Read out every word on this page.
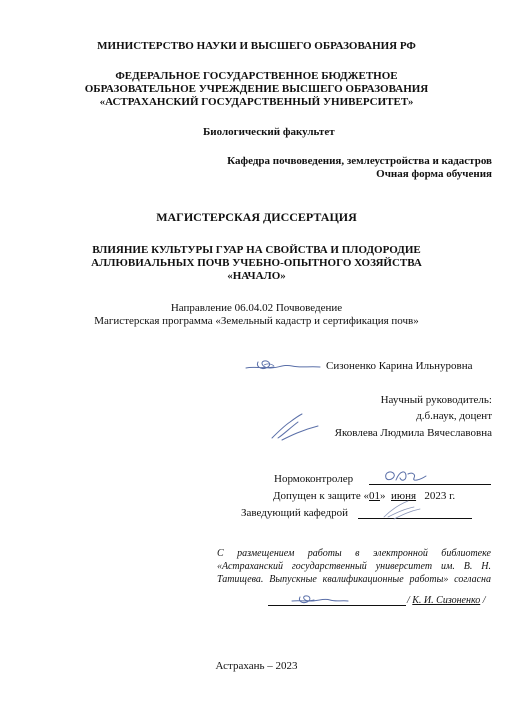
МИНИСТЕРСТВО НАУКИ И ВЫСШЕГО ОБРАЗОВАНИЯ РФ
ФЕДЕРАЛЬНОЕ ГОСУДАРСТВЕННОЕ БЮДЖЕТНОЕ
ОБРАЗОВАТЕЛЬНОЕ УЧРЕЖДЕНИЕ ВЫСШЕГО ОБРАЗОВАНИЯ
«АСТРАХАНСКИЙ ГОСУДАРСТВЕННЫЙ УНИВЕРСИТЕТ»
Биологический факультет
Кафедра почвоведения, землеустройства и кадастров
Очная форма обучения
МАГИСТЕРСКАЯ ДИССЕРТАЦИЯ
ВЛИЯНИЕ КУЛЬТУРЫ ГУАР НА СВОЙСТВА И ПЛОДОРОДИЕ
АЛЛЮВИАЛЬНЫХ ПОЧВ УЧЕБНО-ОПЫТНОГО ХОЗЯЙСТВА
«НАЧАЛО»
Направление 06.04.02 Почвоведение
Магистерская программа «Земельный кадастр и сертификация почв»
Сизоненко Карина Ильнуровна
Научный руководитель:
д.б.наук, доцент
Яковлева Людмила Вячеславовна
Нормоконтролер
Допущен к защите «01» июня 2023 г.
Заведующий кафедрой
С размещением работы в электронной библиотеке
«Астраханский государственный университет им. В. Н.
Татищева. Выпускные квалификационные работы» согласна
/ К. И. Сизоненко /
Астрахань – 2023
